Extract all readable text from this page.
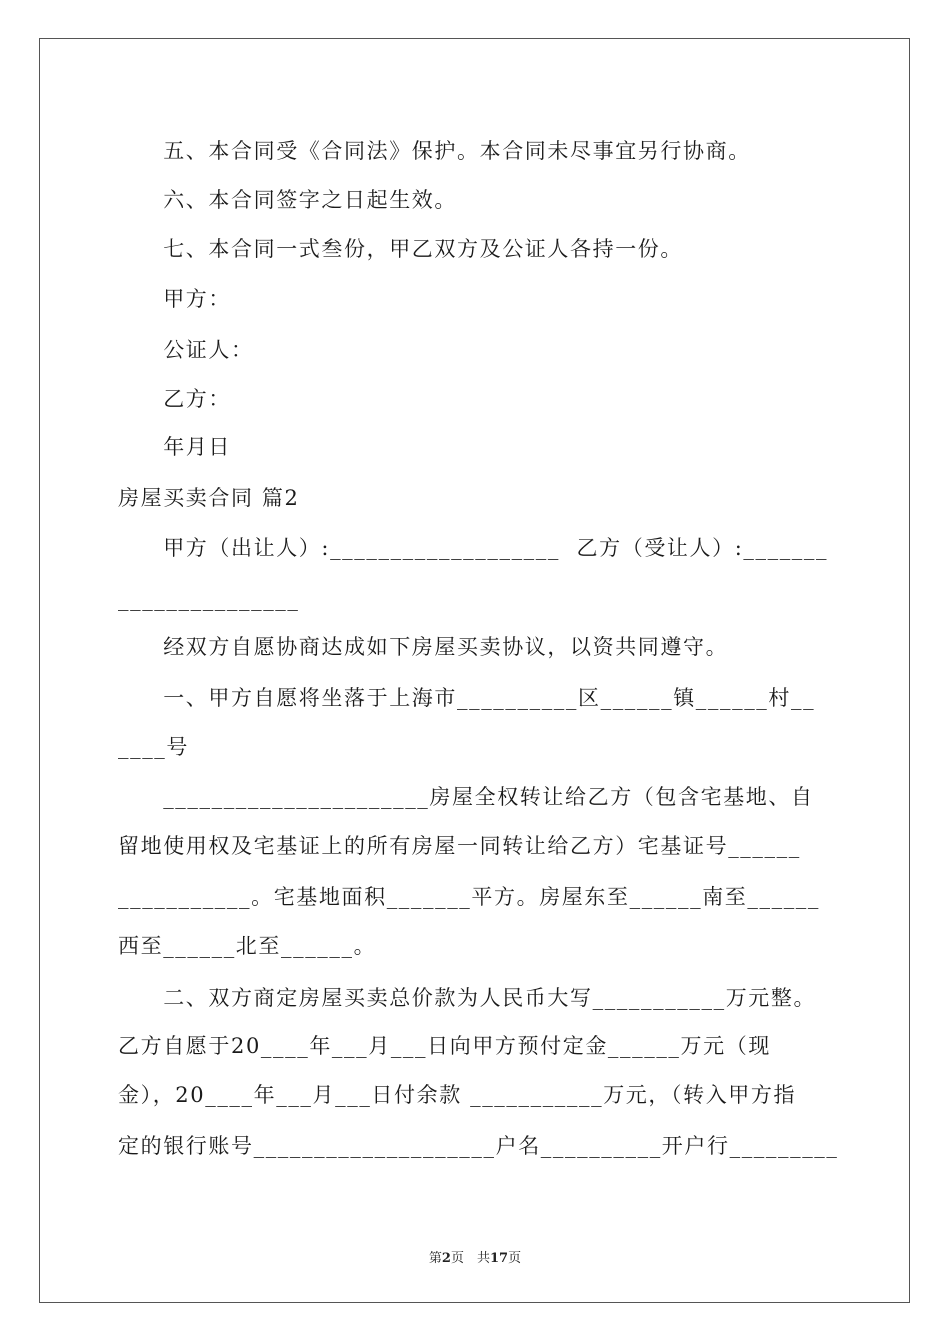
　　五、本合同受《合同法》保护。本合同未尽事宜另行协商。
　　六、本合同签字之日起生效。
　　七、本合同一式叁份，甲乙双方及公证人各持一份。
　　甲方：
　　公证人：
　　乙方：
　　年月日
房屋买卖合同 篇2
　　甲方（出让人）:___________________  乙方（受让人）:_______
_______________
　　经双方自愿协商达成如下房屋买卖协议，以资共同遵守。
　　一、甲方自愿将坐落于上海市__________区______镇______村__
____号
　　______________________房屋全权转让给乙方（包含宅基地、自
留地使用权及宅基证上的所有房屋一同转让给乙方）宅基证号______
___________。宅基地面积_______平方。房屋东至______南至______
西至______北至______。
　　二、双方商定房屋买卖总价款为人民币大写___________万元整。
乙方自愿于20____年___月___日向甲方预付定金______万元（现
金），20____年___月___日付余款 ___________万元，（转入甲方指
定的银行账号____________________户名__________开户行_________
第2页　 共17页
